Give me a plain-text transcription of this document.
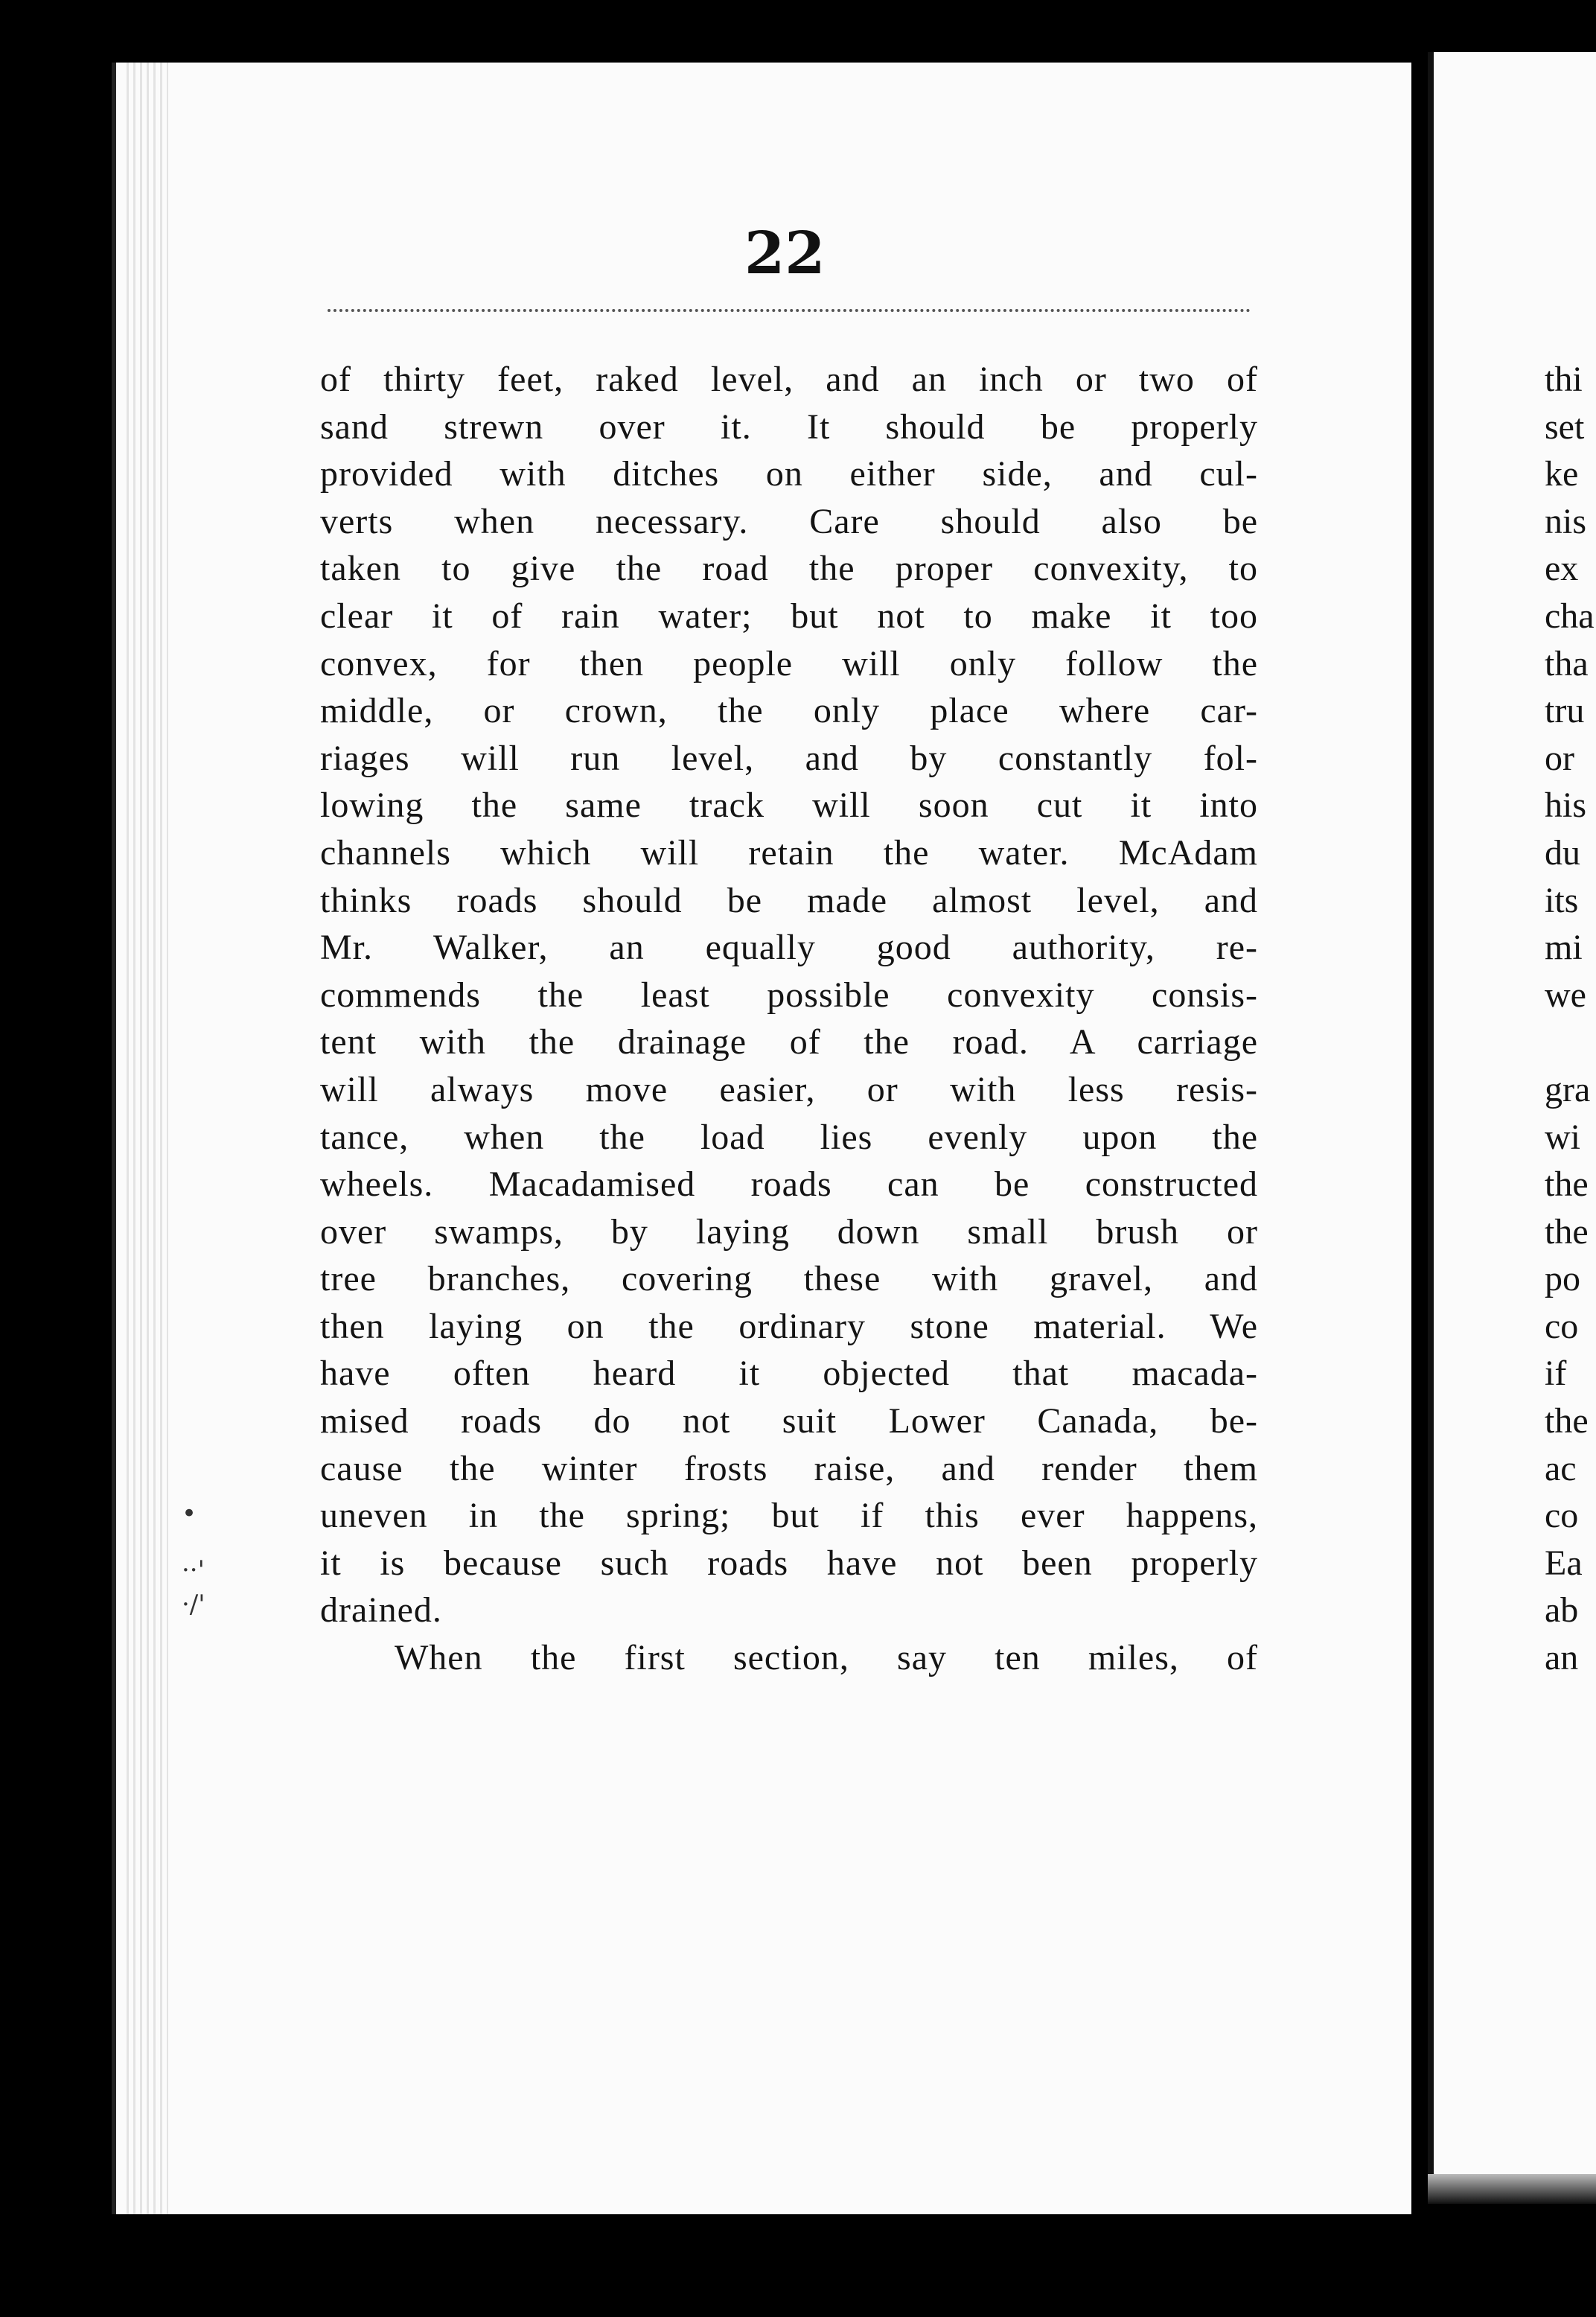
22
of thirty feet, raked level, and an inch or two of
sand strewn over it. It should be properly
provided with ditches on either side, and cul-
verts when necessary. Care should also be
taken to give the road the proper convexity, to
clear it of rain water; but not to make it too
convex, for then people will only follow the
middle, or crown, the only place where car-
riages will run level, and by constantly fol-
lowing the same track will soon cut it into
channels which will retain the water. McAdam
thinks roads should be made almost level, and
Mr. Walker, an equally good authority, re-
commends the least possible convexity consis-
tent with the drainage of the road. A carriage
will always move easier, or with less resis-
tance, when the load lies evenly upon the
wheels. Macadamised roads can be constructed
over swamps, by laying down small brush or
tree branches, covering these with gravel, and
then laying on the ordinary stone material. We
have often heard it objected that macada-
mised roads do not suit Lower Canada, be-
cause the winter frosts raise, and render them
uneven in the spring; but if this ever happens,
it is because such roads have not been properly
drained.
When the first section, say ten miles, of
thi
set
ke
nis
ex
cha
tha
tru
or
his
du
its
mi
we
gra
wi
the
the
po
co
if
the
ac
co
Ea
ab
an
•
··'
·/'
